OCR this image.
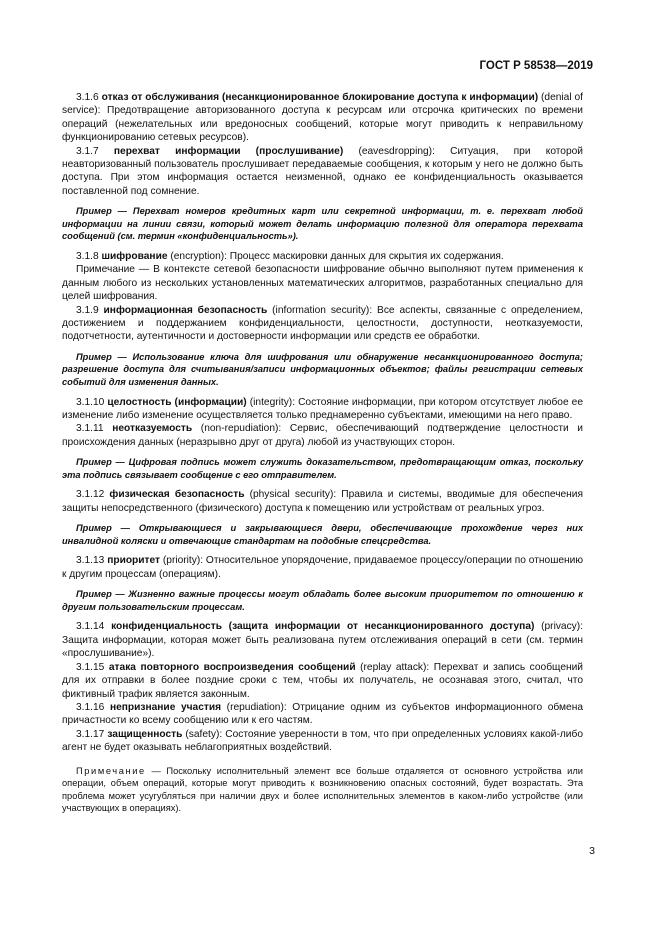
ГОСТ Р 58538—2019

3.1.6 отказ от обслуживания (несанкционированное блокирование доступа к информации) (denial of service): Предотвращение авторизованного доступа к ресурсам или отсрочка критических по времени операций (нежелательных или вредоносных сообщений, которые могут приводить к неправильному функционированию сетевых ресурсов).

3.1.7 перехват информации (прослушивание) (eavesdropping): Ситуация, при которой неавторизованный пользователь прослушивает передаваемые сообщения, к которым у него не должно быть доступа. При этом информация остается неизменной, однако ее конфиденциальность оказывается поставленной под сомнение.

Пример — Перехват номеров кредитных карт или секретной информации, т. е. перехват любой информации на линии связи, который может делать информацию полезной для оператора перехвата сообщений (см. термин «конфиденциальность»).

3.1.8 шифрование (encryption): Процесс маскировки данных для скрытия их содержания.

Примечание — В контексте сетевой безопасности шифрование обычно выполняют путем применения к данным любого из нескольких установленных математических алгоритмов, разработанных специально для целей шифрования.

3.1.9 информационная безопасность (information security): Все аспекты, связанные с определением, достижением и поддержанием конфиденциальности, целостности, доступности, неотказуемости, подотчетности, аутентичности и достоверности информации или средств ее обработки.

Пример — Использование ключа для шифрования или обнаружение несанкционированного доступа; разрешение доступа для считывания/записи информационных объектов; файлы регистрации сетевых событий для изменения данных.

3.1.10 целостность (информации) (integrity): Состояние информации, при котором отсутствует любое ее изменение либо изменение осуществляется только преднамеренно субъектами, имеющими на него право.

3.1.11 неотказуемость (non-repudiation): Сервис, обеспечивающий подтверждение целостности и происхождения данных (неразрывно друг от друга) любой из участвующих сторон.

Пример — Цифровая подпись может служить доказательством, предотвращающим отказ, поскольку эта подпись связывает сообщение с его отправителем.

3.1.12 физическая безопасность (physical security): Правила и системы, вводимые для обеспечения защиты непосредственного (физического) доступа к помещению или устройствам от реальных угроз.

Пример — Открывающиеся и закрывающиеся двери, обеспечивающие прохождение через них инвалидной коляски и отвечающие стандартам на подобные спецсредства.

3.1.13 приоритет (priority): Относительное упорядочение, придаваемое процессу/операции по отношению к другим процессам (операциям).

Пример — Жизненно важные процессы могут обладать более высоким приоритетом по отношению к другим пользовательским процессам.

3.1.14 конфиденциальность (защита информации от несанкционированного доступа) (privacy): Защита информации, которая может быть реализована путем отслеживания операций в сети (см. термин «прослушивание»).

3.1.15 атака повторного воспроизведения сообщений (replay attack): Перехват и запись сообщений для их отправки в более поздние сроки с тем, чтобы их получатель, не осознавая этого, считал, что фиктивный трафик является законным.

3.1.16 непризнание участия (repudiation): Отрицание одним из субъектов информационного обмена причастности ко всему сообщению или к его частям.

3.1.17 защищенность (safety): Состояние уверенности в том, что при определенных условиях какой-либо агент не будет оказывать неблагоприятных воздействий.

Примечание — Поскольку исполнительный элемент все больше отдаляется от основного устройства или операции, объем операций, которые могут приводить к возникновению опасных состояний, будет возрастать. Эта проблема может усугубляться при наличии двух и более исполнительных элементов в каком-либо устройстве (или участвующих в операциях).

3
